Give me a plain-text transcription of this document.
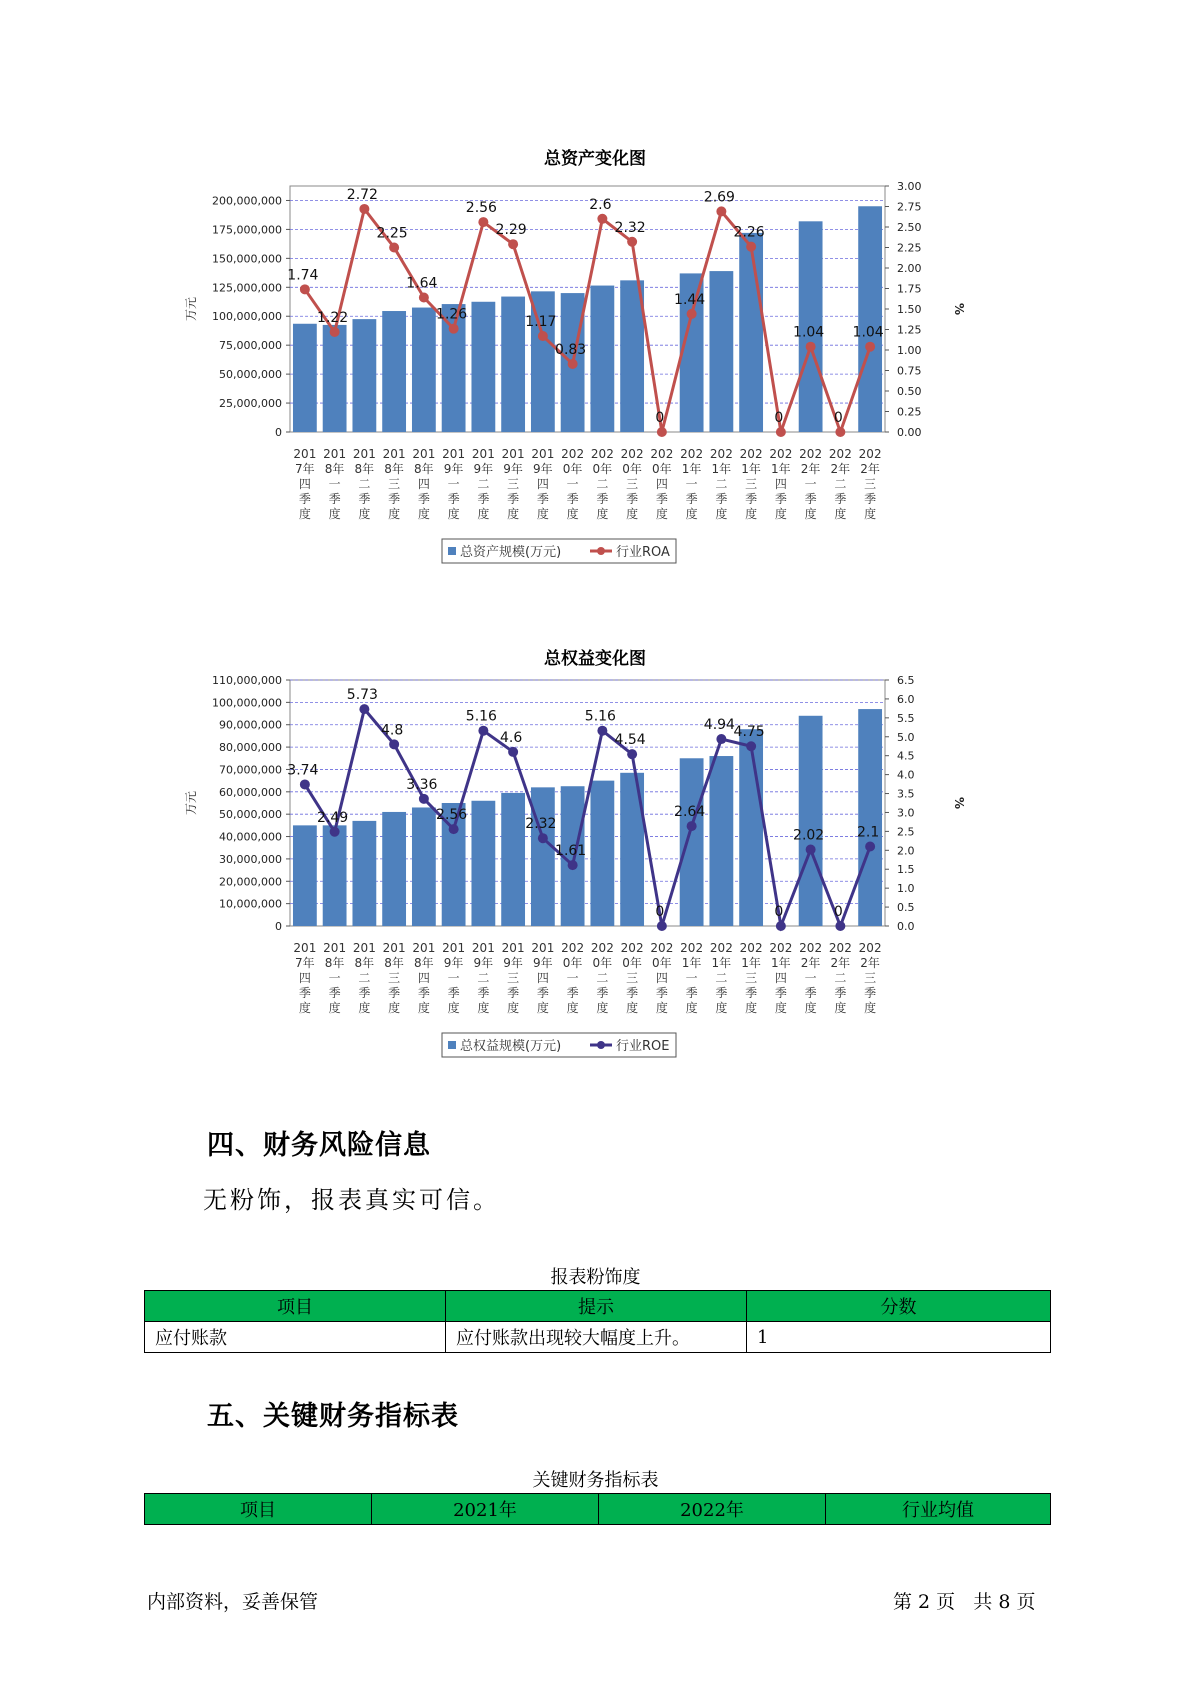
总资产变化图
0
25,000,000
50,000,000
75,000,000
100,000,000
125,000,000
150,000,000
175,000,000
200,000,000
0.00
0.25
0.50
0.75
1.00
1.25
1.50
1.75
2.00
2.25
2.50
2.75
3.00
万元	%
1.74
1.22
2.72
2.25
1.64
1.26
2.56
2.29
1.17
0.83
2.6
2.32
0
1.44
2.69
2.26
0
1.04
0
1.04
201
7年
四
季
度
201
8年
一
季
度
201
8年
二
季
度
201
8年
三
季
度
201
8年
四
季
度
201
9年
一
季
度
201
9年
二
季
度
201
9年
三
季
度
201
9年
四
季
度
202
0年
一
季
度
202
0年
二
季
度
202
0年
三
季
度
202
0年
四
季
度
202
1年
一
季
度
202
1年
二
季
度
202
1年
三
季
度
202
1年
四
季
度
202
2年
一
季
度
202
2年
二
季
度
202
2年
三
季
度
总资产规模(万元)	行业ROA
总权益变化图
0
10,000,000
20,000,000
30,000,000
40,000,000
50,000,000
60,000,000
70,000,000
80,000,000
90,000,000
100,000,000
110,000,000
0.0
0.5
1.0
1.5
2.0
2.5
3.0
3.5
4.0
4.5
5.0
5.5
6.0
6.5
万元	%
3.74
2.49
5.73
4.8
3.36
2.56
5.16
4.6
2.32
1.61
5.16
4.54
0
2.64
4.94
4.75
0
2.02
0
2.1
201
7年
四
季
度
201
8年
一
季
度
201
8年
二
季
度
201
8年
三
季
度
201
8年
四
季
度
201
9年
一
季
度
201
9年
二
季
度
201
9年
三
季
度
201
9年
四
季
度
202
0年
一
季
度
202
0年
二
季
度
202
0年
三
季
度
202
0年
四
季
度
202
1年
一
季
度
202
1年
二
季
度
202
1年
三
季
度
202
1年
四
季
度
202
2年
一
季
度
202
2年
二
季
度
202
2年
三
季
度
总权益规模(万元)	行业ROE
四、财务风险信息
无粉饰，报表真实可信。
报表粉饰度
项目	提示	分数
应付账款	应付账款出现较大幅度上升。	1
五、关键财务指标表
关键财务指标表
项目	2021年	2022年	行业均值
内部资料，妥善保管	第 2 页   共 8 页
